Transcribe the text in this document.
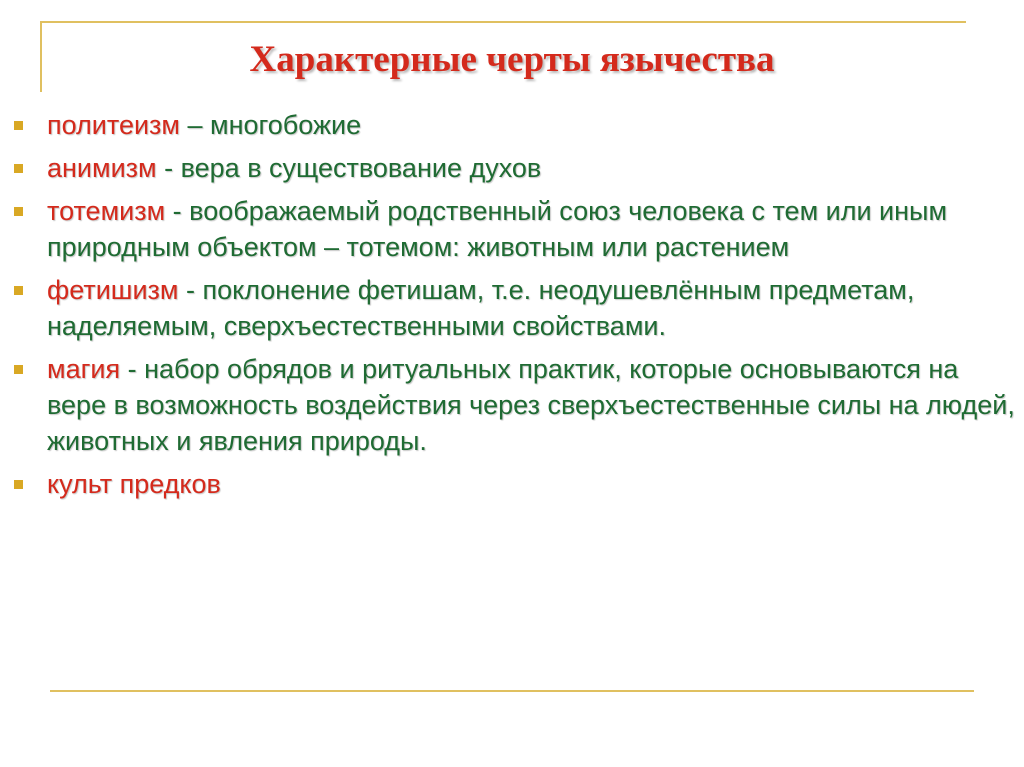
Характерные черты язычества
политеизм – многобожие
анимизм - вера в существование духов
тотемизм - воображаемый родственный союз человека с тем или иным природным объектом – тотемом: животным или растением
фетишизм - поклонение фетишам, т.е. неодушевлённым предметам, наделяемым, сверхъестественными свойствами.
магия - набор обрядов и ритуальных практик, которые основываются на вере в возможность воздействия через сверхъестественные силы на людей, животных и явления природы.
культ предков
